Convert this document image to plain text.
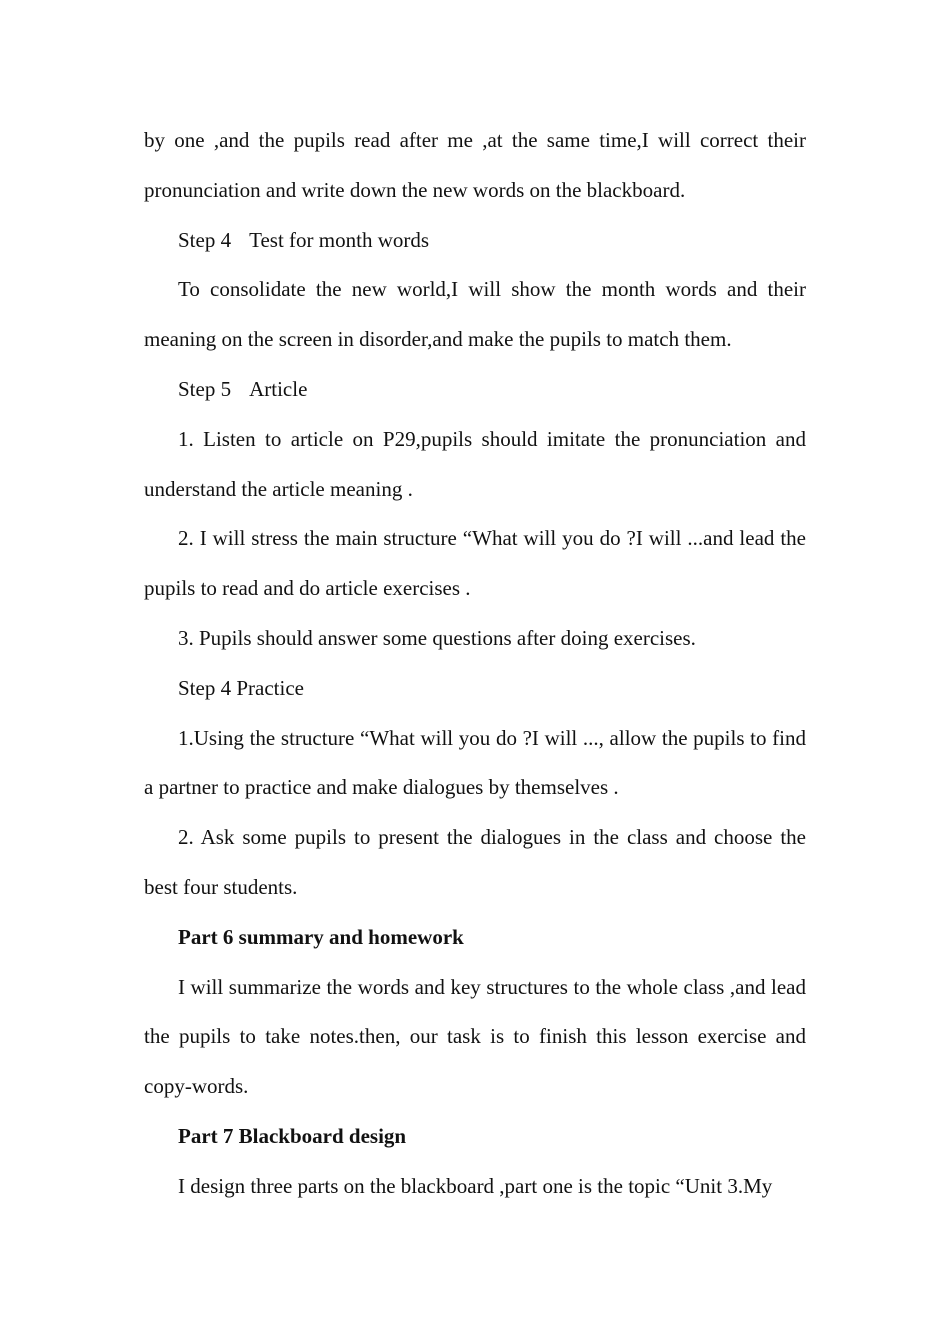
by one ,and the pupils read after me ,at the same time,I will correct their pronunciation and write down the new words on the blackboard.

Step 4 Test for month words

To consolidate the new world,I will show the month words and their meaning on the screen in disorder,and make the pupils to match them.

Step 5 Article

1. Listen to article on P29,pupils should imitate the pronunciation and understand the article meaning .

2. I will stress the main structure “What will you do ?I will ...and lead the pupils to read and do article exercises .

3. Pupils should answer some questions after doing exercises.

Step 4 Practice

1.Using the structure “What will you do ?I will ..., allow the pupils to find a partner to practice and make dialogues by themselves .

2. Ask some pupils to present the dialogues in the class and choose the best four students.

Part 6 summary and homework

I will summarize the words and key structures to the whole class ,and lead the pupils to take notes.then, our task is to finish this lesson exercise and copy-words.

Part 7 Blackboard design

I design three parts on the blackboard ,part one is the topic “Unit 3.My
